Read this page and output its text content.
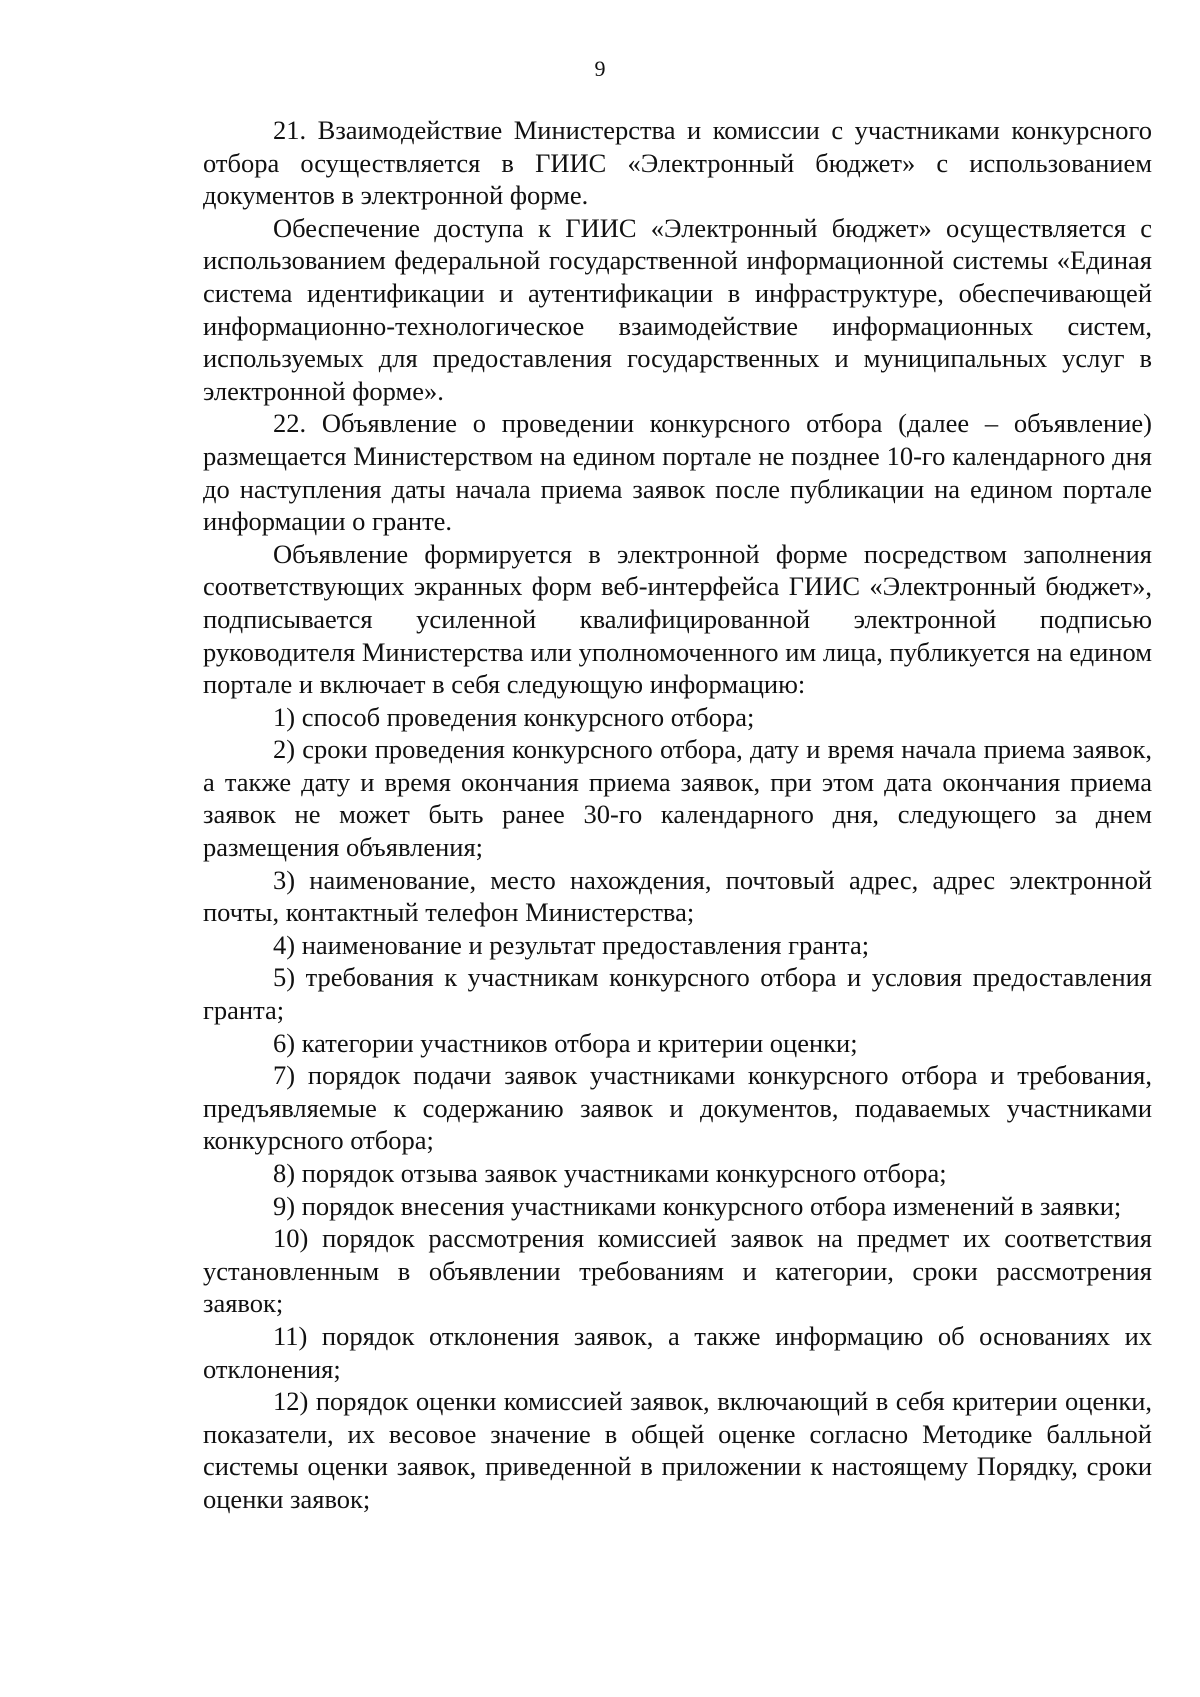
9

21. Взаимодействие Министерства и комиссии с участниками конкурсного отбора осуществляется в ГИИС «Электронный бюджет» с использованием документов в электронной форме.

Обеспечение доступа к ГИИС «Электронный бюджет» осуществляется с использованием федеральной государственной информационной системы «Единая система идентификации и аутентификации в инфраструктуре, обеспечивающей информационно-технологическое взаимодействие информационных систем, используемых для предоставления государственных и муниципальных услуг в электронной форме».

22. Объявление о проведении конкурсного отбора (далее – объявление) размещается Министерством на едином портале не позднее 10-го календарного дня до наступления даты начала приема заявок после публикации на едином портале информации о гранте.

Объявление формируется в электронной форме посредством заполнения соответствующих экранных форм веб-интерфейса ГИИС «Электронный бюджет», подписывается усиленной квалифицированной электронной подписью руководителя Министерства или уполномоченного им лица, публикуется на едином портале и включает в себя следующую информацию:

1) способ проведения конкурсного отбора;

2) сроки проведения конкурсного отбора, дату и время начала приема заявок, а также дату и время окончания приема заявок, при этом дата окончания приема заявок не может быть ранее 30-го календарного дня, следующего за днем размещения объявления;

3) наименование, место нахождения, почтовый адрес, адрес электронной почты, контактный телефон Министерства;

4) наименование и результат предоставления гранта;

5) требования к участникам конкурсного отбора и условия предоставления гранта;

6) категории участников отбора и критерии оценки;

7) порядок подачи заявок участниками конкурсного отбора и требования, предъявляемые к содержанию заявок и документов, подаваемых участниками конкурсного отбора;

8) порядок отзыва заявок участниками конкурсного отбора;

9) порядок внесения участниками конкурсного отбора изменений в заявки;

10) порядок рассмотрения комиссией заявок на предмет их соответствия установленным в объявлении требованиям и категории, сроки рассмотрения заявок;

11) порядок отклонения заявок, а также информацию об основаниях их отклонения;

12) порядок оценки комиссией заявок, включающий в себя критерии оценки, показатели, их весовое значение в общей оценке согласно Методике балльной системы оценки заявок, приведенной в приложении к настоящему Порядку, сроки оценки заявок;
